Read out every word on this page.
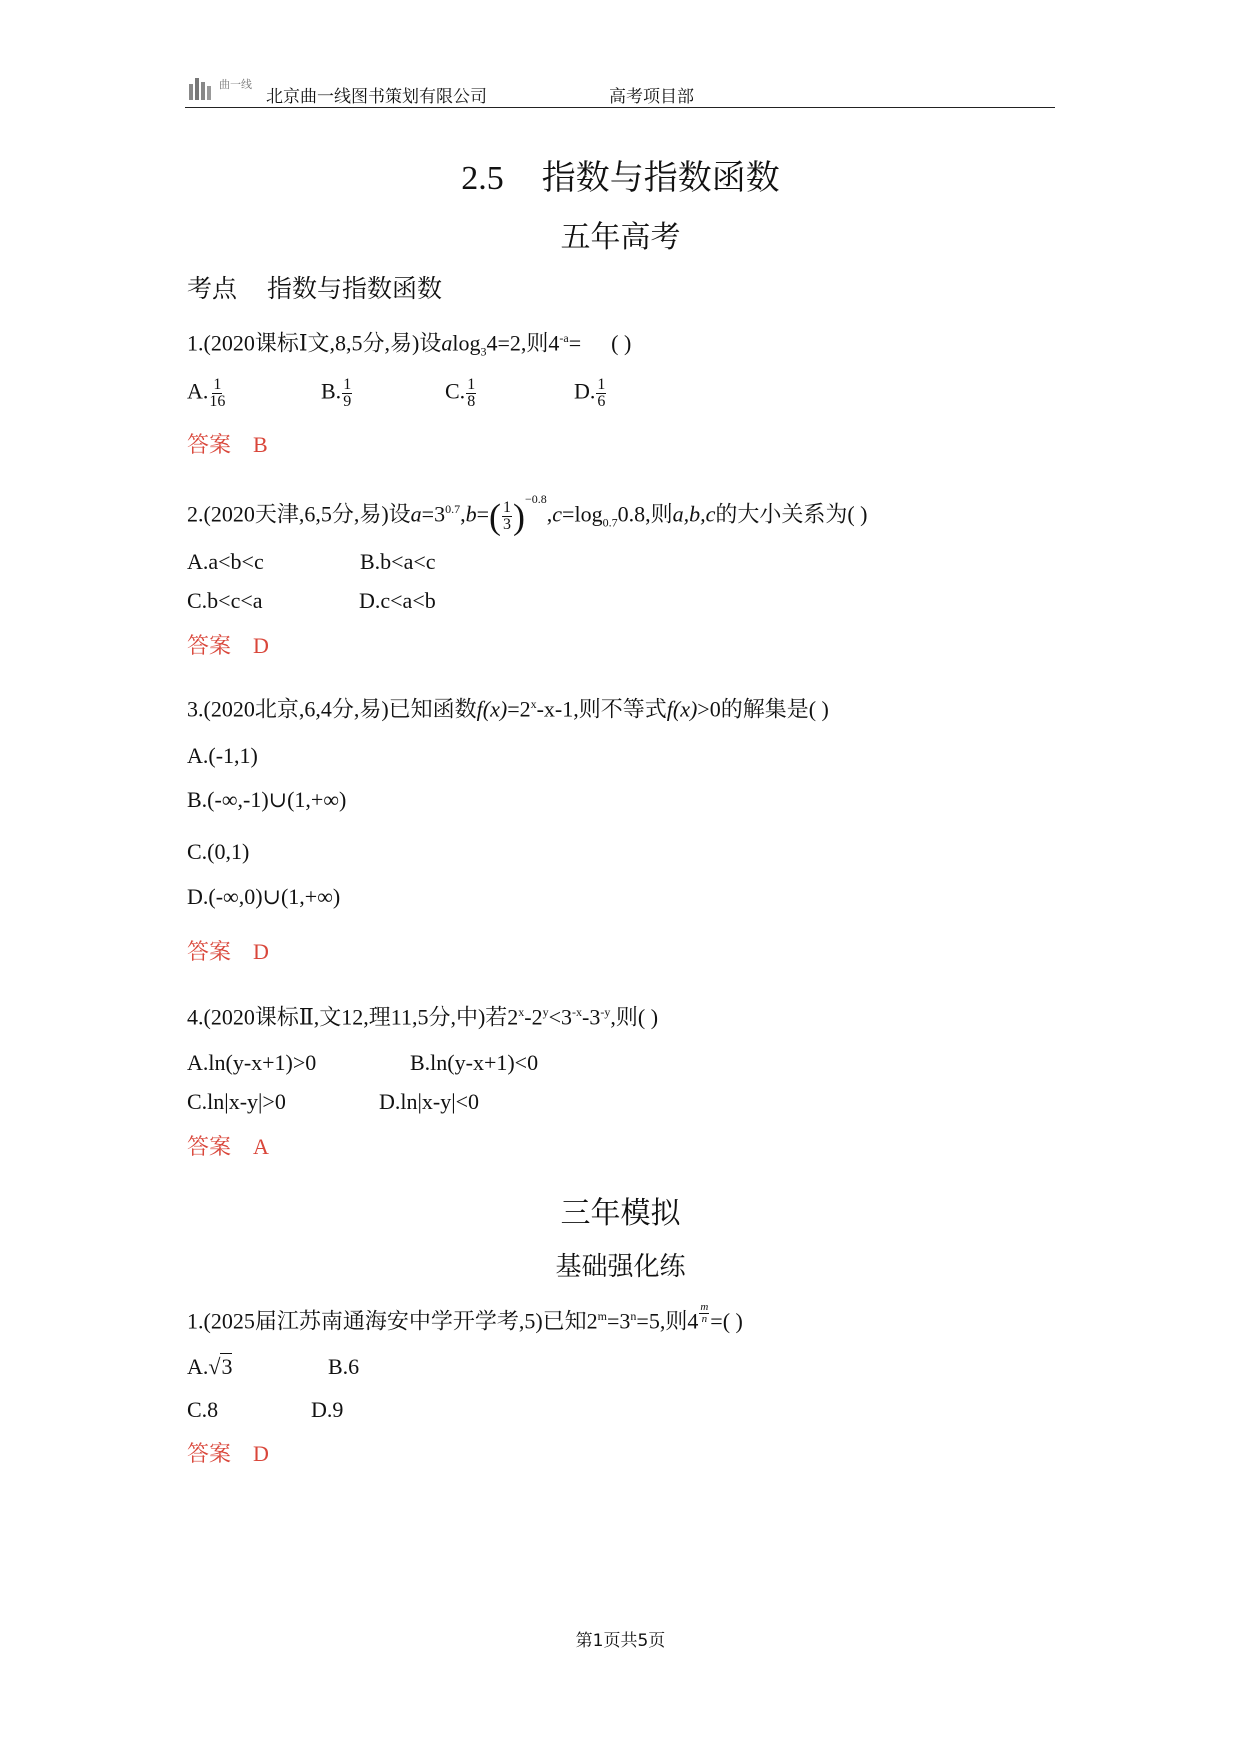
曲一线
北京曲一线图书策划有限公司	高考项目部
2.5 指数与指数函数
五年高考
考点 指数与指数函数
1.(2020课标Ⅰ文,8,5分,易)设alog$_3$4=2,则$4^{-a}=$ ( )
A. $\frac{1}{16}$	B. $\frac{1}{9}$	C. $\frac{1}{8}$	D. $\frac{1}{6}$
答案 B
2.(2020天津,6,5分,易)设$a=3^{0.7},b=( \frac{1}{3} )^{-0.8},c=\log_{0.7}0.8$,则a,b,c的大小关系为( )
A.a<b<c	B.b<a<c
C.b<c<a	D.c<a<b
答案 D
3.(2020北京,6,4分,易)已知函数$f(x)=2^x-x-1$,则不等式f(x)>0的解集是( )
A.(-1,1)
B.(-∞,-1)∪(1,+∞)
C.(0,1)
D.(-∞,0)∪(1,+∞)
答案 D
4.(2020课标Ⅱ,文12,理11,5分,中)若$2^x-2^y<3^{-x}-3^{-y}$,则( )
A.ln(y-x+1)>0	B.ln(y-x+1)<0
C.ln|x-y|>0	D.ln|x-y|<0
答案 A
三年模拟
基础强化练
1.(2025届江苏南通海安中学开学考,5)已知$2^m=3^n=5$,则$4 \frac{m}{n}$ =( )
A.√3	B.6
C.8	D.9
答案 D
第1页共5页
